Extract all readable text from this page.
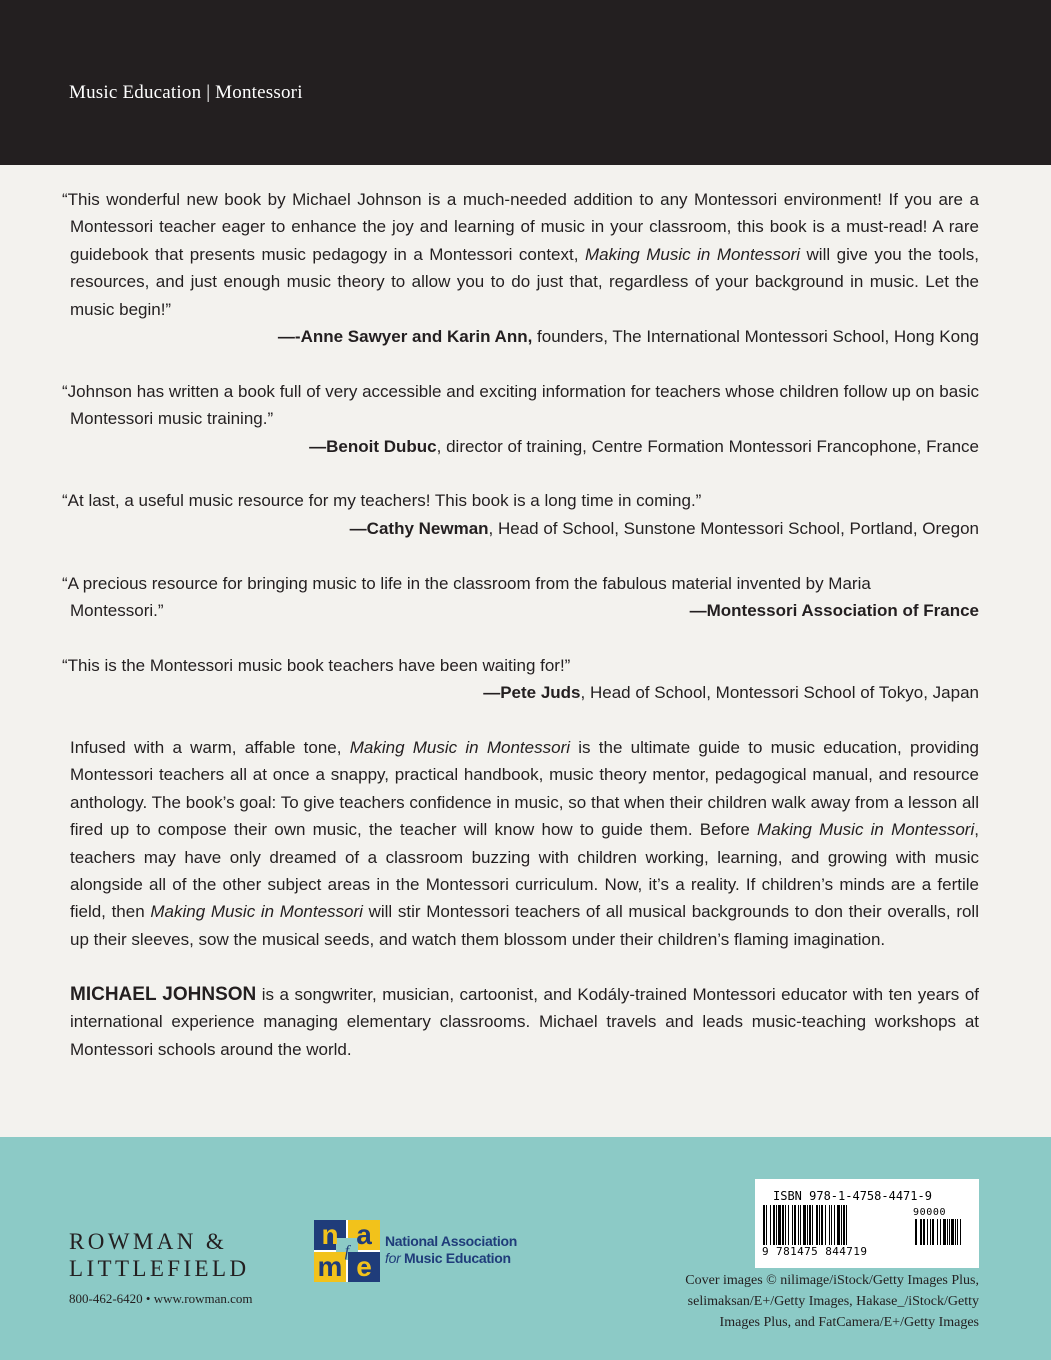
Music Education | Montessori
“This wonderful new book by Michael Johnson is a much-needed addition to any Montessori environment! If you are a Montessori teacher eager to enhance the joy and learning of music in your classroom, this book is a must-read! A rare guidebook that presents music pedagogy in a Montessori context, Making Music in Montessori will give you the tools, resources, and just enough music theory to allow you to do just that, regardless of your background in music. Let the music begin!”
—-Anne Sawyer and Karin Ann, founders, The International Montessori School, Hong Kong
“Johnson has written a book full of very accessible and exciting information for teachers whose children follow up on basic Montessori music training.”
—Benoit Dubuc, director of training, Centre Formation Montessori Francophone, France
“At last, a useful music resource for my teachers! This book is a long time in coming.”
—Cathy Newman, Head of School, Sunstone Montessori School, Portland, Oregon
“A precious resource for bringing music to life in the classroom from the fabulous material invented by Maria
Montessori.”	—Montessori Association of France
“This is the Montessori music book teachers have been waiting for!”
—Pete Juds, Head of School, Montessori School of Tokyo, Japan
Infused with a warm, affable tone, Making Music in Montessori is the ultimate guide to music education, providing Montessori teachers all at once a snappy, practical handbook, music theory mentor, pedagogical manual, and resource anthology. The book’s goal: To give teachers confidence in music, so that when their children walk away from a lesson all fired up to compose their own music, the teacher will know how to guide them. Before Making Music in Montessori, teachers may have only dreamed of a classroom buzzing with children working, learning, and growing with music alongside all of the other subject areas in the Montessori curriculum. Now, it’s a reality. If children’s minds are a fertile field, then Making Music in Montessori will stir Montessori teachers of all musical backgrounds to don their overalls, roll up their sleeves, sow the musical seeds, and watch them blossom under their children’s flaming imagination.
MICHAEL JOHNSON is a songwriter, musician, cartoonist, and Kodály-trained Montessori educator with ten years of international experience managing elementary classrooms. Michael travels and leads music-teaching workshops at Montessori schools around the world.
ROWMAN &
LITTLEFIELD
800-462-6420 • www.rowman.com
n a
f
m e
National Association
for Music Education
ISBN 978-1-4758-4471-9
9 781475 844719
90000
Cover images © nilimage/iStock/Getty Images Plus,
selimaksan/E+/Getty Images, Hakase_/iStock/Getty
Images Plus, and FatCamera/E+/Getty Images
